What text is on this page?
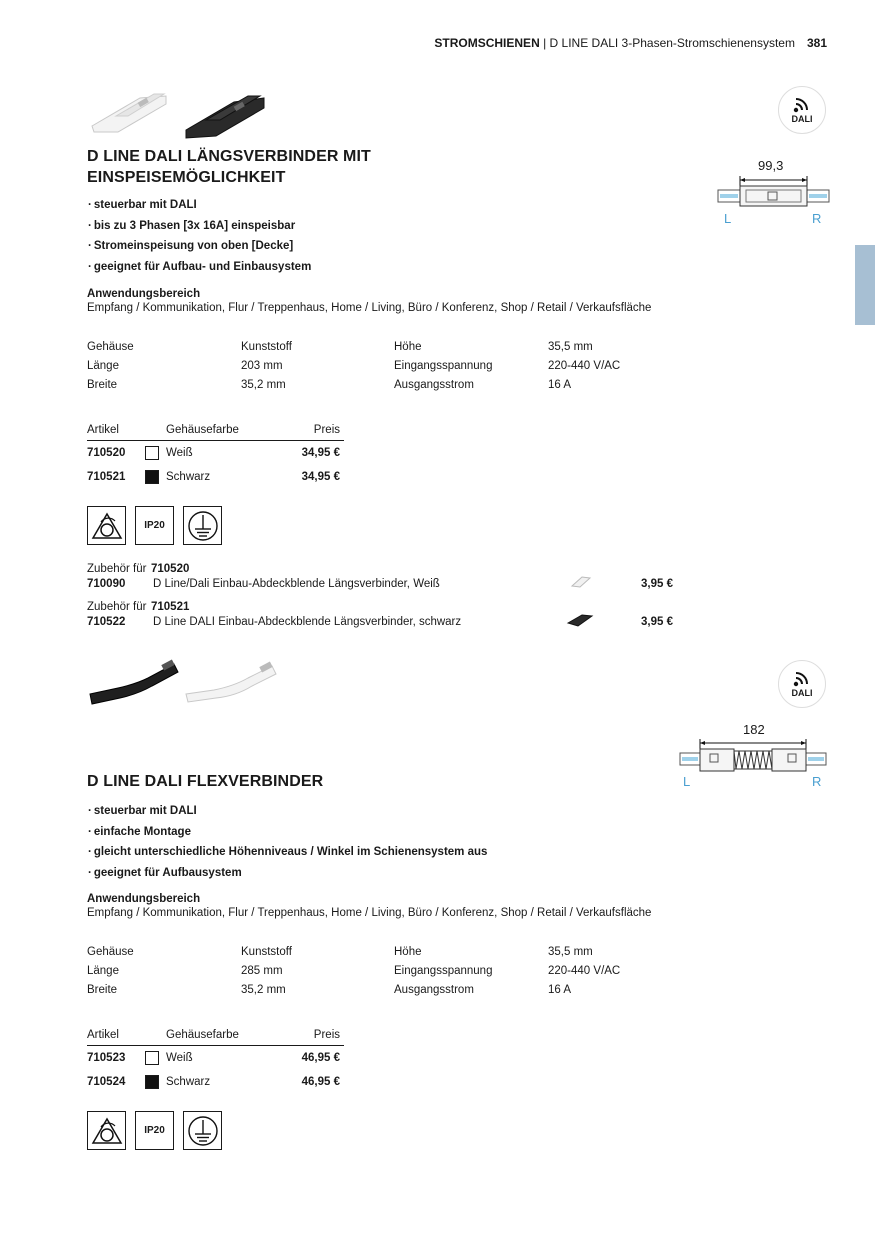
STROMSCHIENEN | D LINE DALI 3-Phasen-Stromschienensystem 381
DALI
99,3
L	R
D LINE DALI LÄNGSVERBINDER MIT
EINSPEISEMÖGLICHKEIT
· steuerbar mit DALI
· bis zu 3 Phasen [3x 16A] einspeisbar
· Stromeinspeisung von oben [Decke]
· geeignet für Aufbau- und Einbausystem
Anwendungsbereich
Empfang / Kommunikation, Flur / Treppenhaus, Home / Living, Büro / Konferenz, Shop / Retail / Verkaufsfläche
Gehäuse	Kunststoff	Höhe	35,5 mm
Länge	203 mm	Eingangsspannung	220-440 V/AC
Breite	35,2 mm	Ausgangsstrom	16 A
Artikel	Gehäusefarbe	Preis
710520	Weiß	34,95 €
710521	Schwarz	34,95 €
IP20
Zubehör für 710520
710090 D Line/Dali Einbau-Abdeckblende Längsverbinder, Weiß	3,95 €
Zubehör für 710521
710522 D Line DALI Einbau-Abdeckblende Längsverbinder, schwarz	3,95 €
DALI
182
L	R
D LINE DALI FLEXVERBINDER
· steuerbar mit DALI
· einfache Montage
· gleicht unterschiedliche Höhenniveaus / Winkel im Schienensystem aus
· geeignet für Aufbausystem
Anwendungsbereich
Empfang / Kommunikation, Flur / Treppenhaus, Home / Living, Büro / Konferenz, Shop / Retail / Verkaufsfläche
Gehäuse	Kunststoff	Höhe	35,5 mm
Länge	285 mm	Eingangsspannung	220-440 V/AC
Breite	35,2 mm	Ausgangsstrom	16 A
Artikel	Gehäusefarbe	Preis
710523	Weiß	46,95 €
710524	Schwarz	46,95 €
IP20
